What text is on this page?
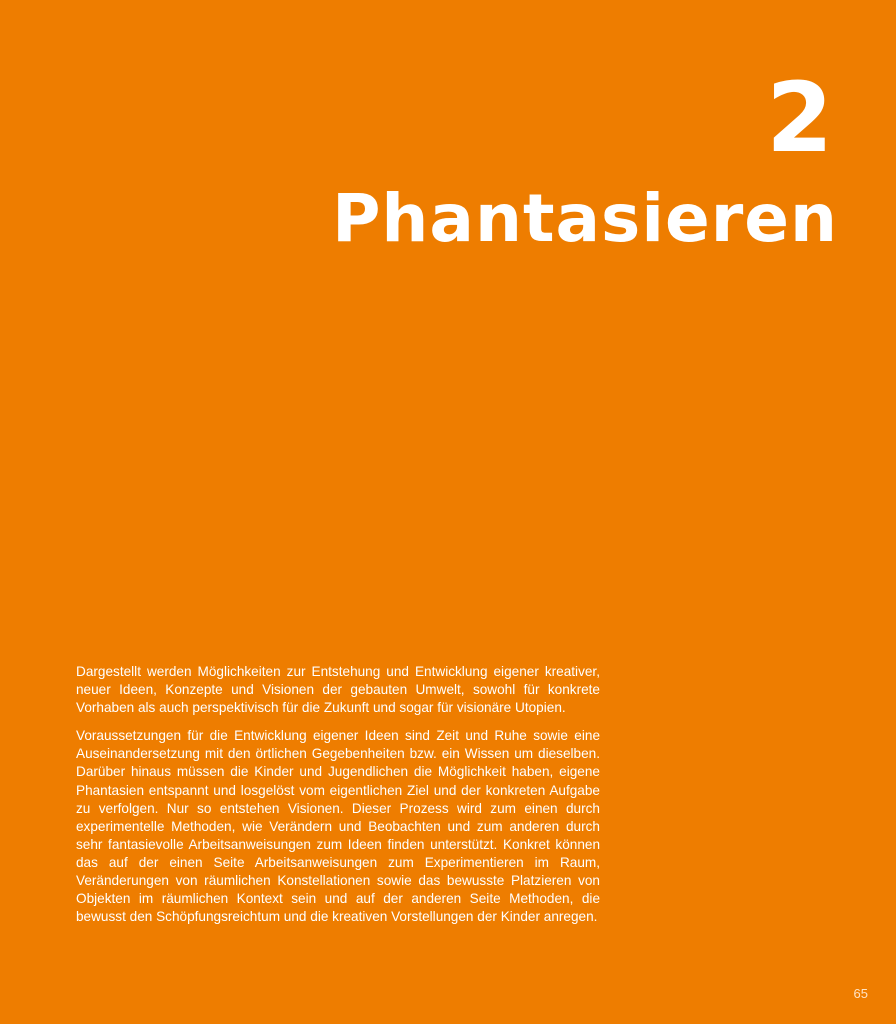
2
Phantasieren

Dargestellt werden Möglichkeiten zur Entstehung und Entwicklung eigener kreativer, neuer Ideen, Konzepte und Visionen der gebauten Umwelt, sowohl für konkrete Vorhaben als auch perspektivisch für die Zukunft und sogar für visionäre Utopien.

Voraussetzungen für die Entwicklung eigener Ideen sind Zeit und Ruhe sowie eine Auseinandersetzung mit den örtlichen Gegebenheiten bzw. ein Wissen um dieselben. Darüber hinaus müssen die Kinder und Jugendlichen die Möglichkeit haben, eigene Phantasien entspannt und losgelöst vom eigentlichen Ziel und der konkreten Aufgabe zu verfolgen. Nur so entstehen Visionen. Dieser Prozess wird zum einen durch experimentelle Methoden, wie Verändern und Beobachten und zum anderen durch sehr fantasievolle Arbeitsanweisungen zum Ideen finden unterstützt. Konkret können das auf der einen Seite Arbeitsanweisungen zum Experimentieren im Raum, Veränderungen von räumlichen Konstellationen sowie das bewusste Platzieren von Objekten im räumlichen Kontext sein und auf der anderen Seite Methoden, die bewusst den Schöpfungsreichtum und die kreativen Vorstellungen der Kinder anregen.

65
